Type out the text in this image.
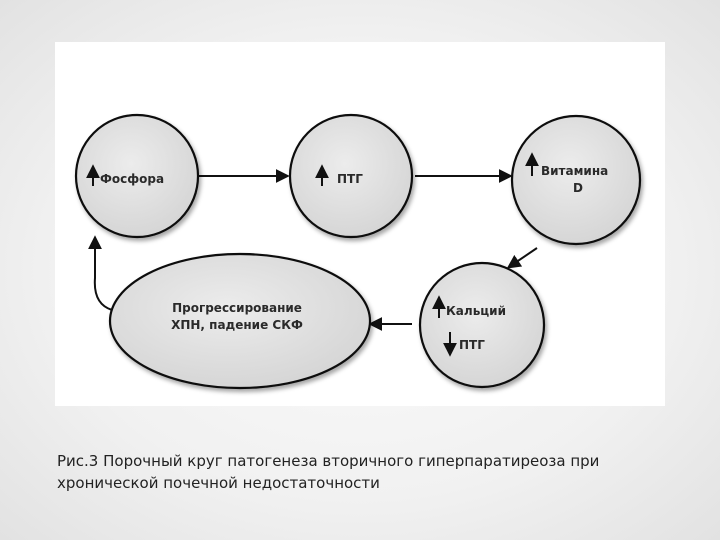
Фосфора	ПТГ
Витамина
D
Кальций
ПТГ
Прогрессирование
ХПН, падение СКФ
Рис.3 Порочный круг патогенеза вторичного гиперпаратиреоза при
хронической почечной недостаточности
